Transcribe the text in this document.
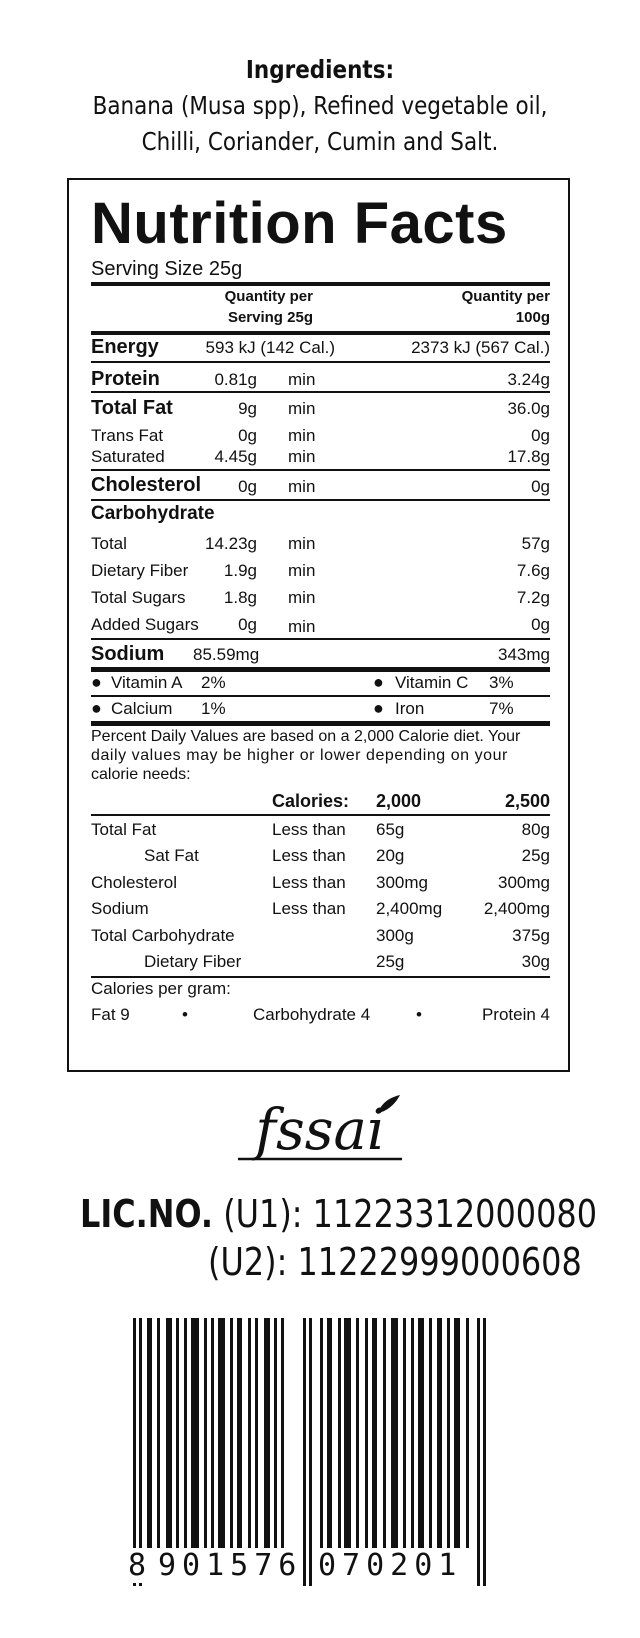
Ingredients:
Banana (Musa spp), Refined vegetable oil,
Chilli, Coriander, Cumin and Salt.
Nutrition Facts
Serving Size 25g
Quantity per
Serving 25g
Quantity per
100g
Energy	593 kJ (142 Cal.)	2373 kJ (567 Cal.)
Protein	0.81g min	3.24g
Total Fat	9g min	36.0g
Trans Fat	0g min	0g
Saturated	4.45g min	17.8g
Cholesterol	0g min	0g
Carbohydrate
Total	14.23g min	57g
Dietary Fiber	1.9g min	7.6g
Total Sugars	1.8g min	7.2g
Added Sugars	0g min	0g
Sodium 85.59mg	343mg
● Vitamin A 2%	● Vitamin C 3%
● Calcium 1%	● Iron	7%
Percent Daily Values are based on a 2,000 Calorie diet. Your
daily values may be higher or lower depending on your
calorie needs:
Calories: 2,000	2,500
Total Fat	Less than 65g	80g
Sat Fat	Less than 20g	25g
Cholesterol	Less than 300mg	300mg
Sodium	Less than 2,400mg	2,400mg
Total Carbohydrate	300g	375g
Dietary Fiber	25g	30g
Calories per gram:
Fat 9	•	Carbohydrate 4	•	Protein 4
fssai
LIC.NO. (U1): 11223312000080
(U2): 11222999000608
8 901576 070201
